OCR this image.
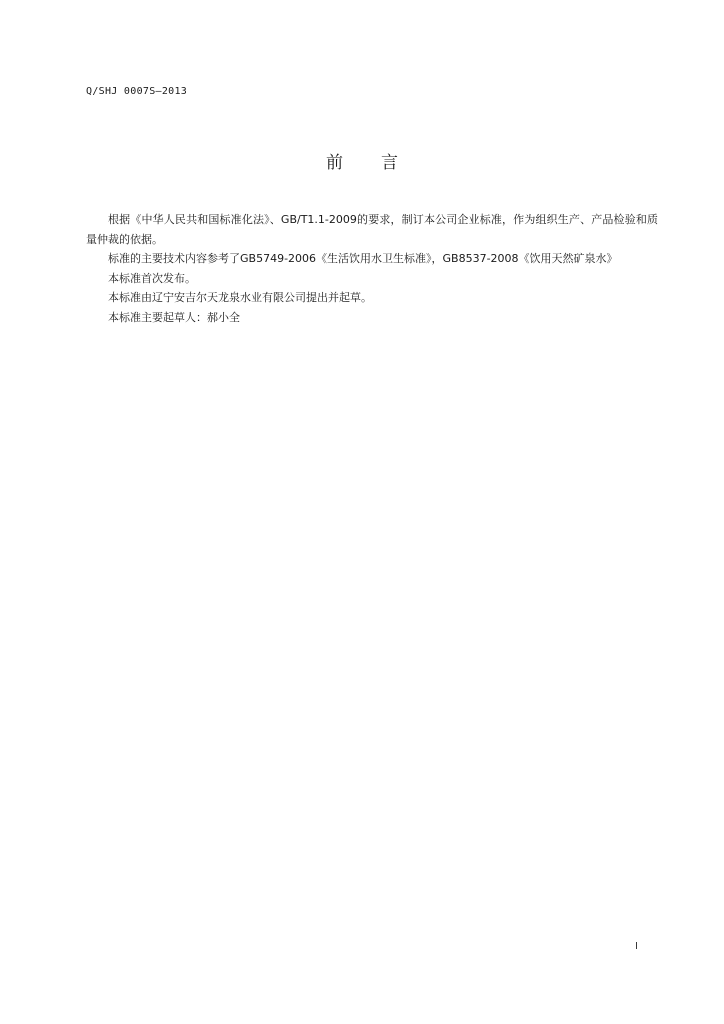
Q/SHJ 0007S—2013
前 言

根据《中华人民共和国标准化法》、GB/T1.1-2009的要求，制订本公司企业标准，作为组织生产、产品检验和质量仲裁的依据。

标准的主要技术内容参考了GB5749-2006《生活饮用水卫生标准》，GB8537-2008《饮用天然矿泉水》

本标准首次发布。

本标准由辽宁安吉尔天龙泉水业有限公司提出并起草。

本标准主要起草人：郝小全

I
